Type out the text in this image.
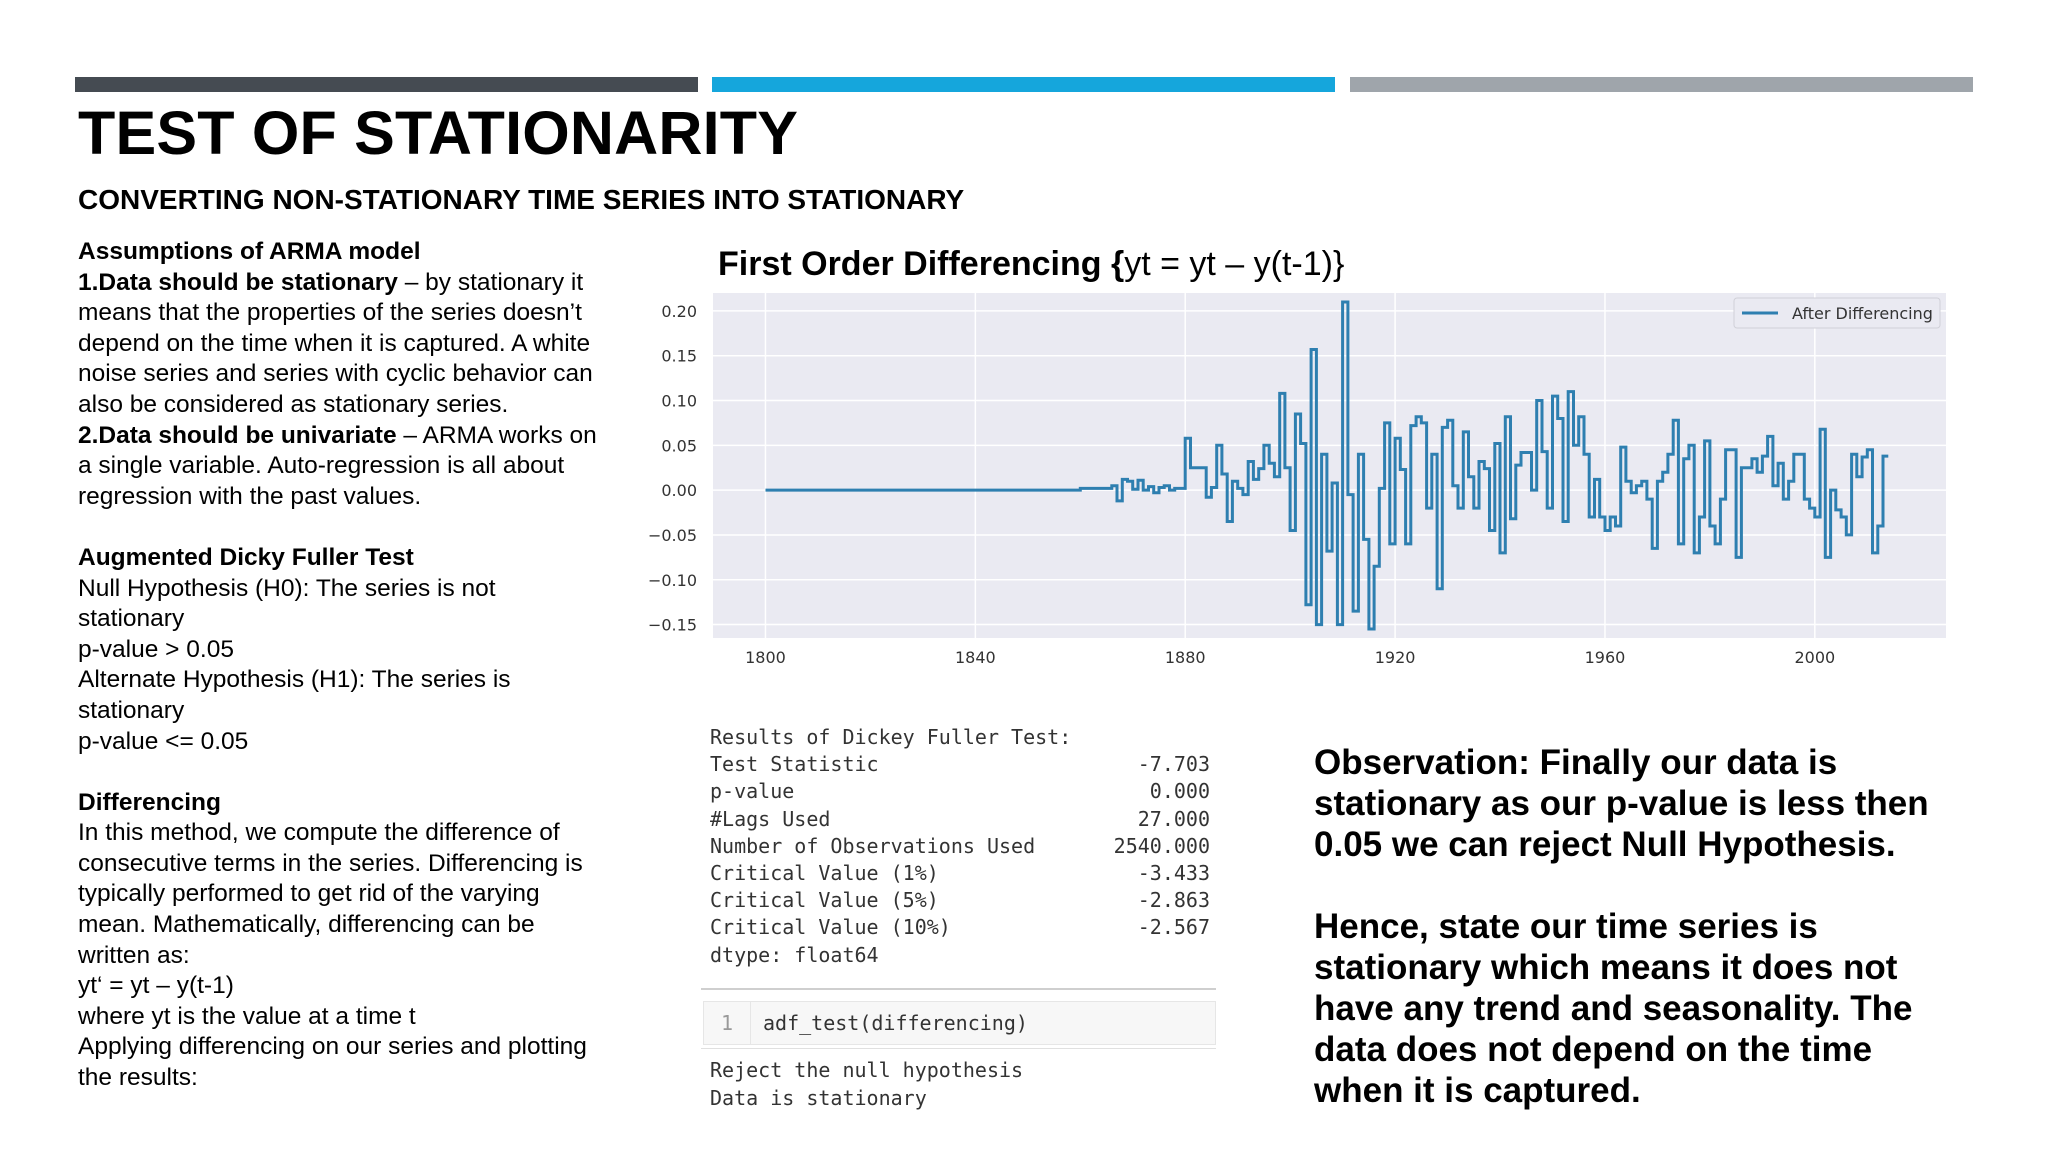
TEST OF STATIONARITY
CONVERTING NON-STATIONARY TIME SERIES INTO STATIONARY

Assumptions of ARMA model

1.Data should be stationary – by stationary it means that the properties of the series doesn’t depend on the time when it is captured. A white noise series and series with cyclic behavior can also be considered as stationary series.

2.Data should be univariate – ARMA works on a single variable. Auto-regression is all about regression with the past values.

Augmented Dicky Fuller Test

Null Hypothesis (H0): The series is not stationary

p-value > 0.05

Alternate Hypothesis (H1): The series is stationary

p-value <= 0.05

Differencing

In this method, we compute the difference of consecutive terms in the series. Differencing is typically performed to get rid of the varying mean. Mathematically, differencing can be written as:

yt‘ = yt – y(t-1)

where yt is the value at a time t

Applying differencing on our series and plotting the results:

First Order Differencing {yt = yt – y(t-1)}
1800	1840	1880	1920	1960	2000
0.20
0.15
0.10
0.05
0.00
−0.05
−0.10
−0.15
After Differencing
Results of Dickey Fuller Test:
Test Statistic	-7.703
p-value	0.000
#Lags Used	27.000
Number of Observations Used	2540.000
Critical Value (1%)	-3.433
Critical Value (5%)	-2.863
Critical Value (10%)	-2.567
dtype: float64
1	adf_test(differencing)
Reject the null hypothesis
Data is stationary
Observation: Finally our data is stationary as our p-value is less then 0.05 we can reject Null Hypothesis.
Hence, state our time series is stationary which means it does not have any trend and seasonality. The data does not depend on the time when it is captured.
